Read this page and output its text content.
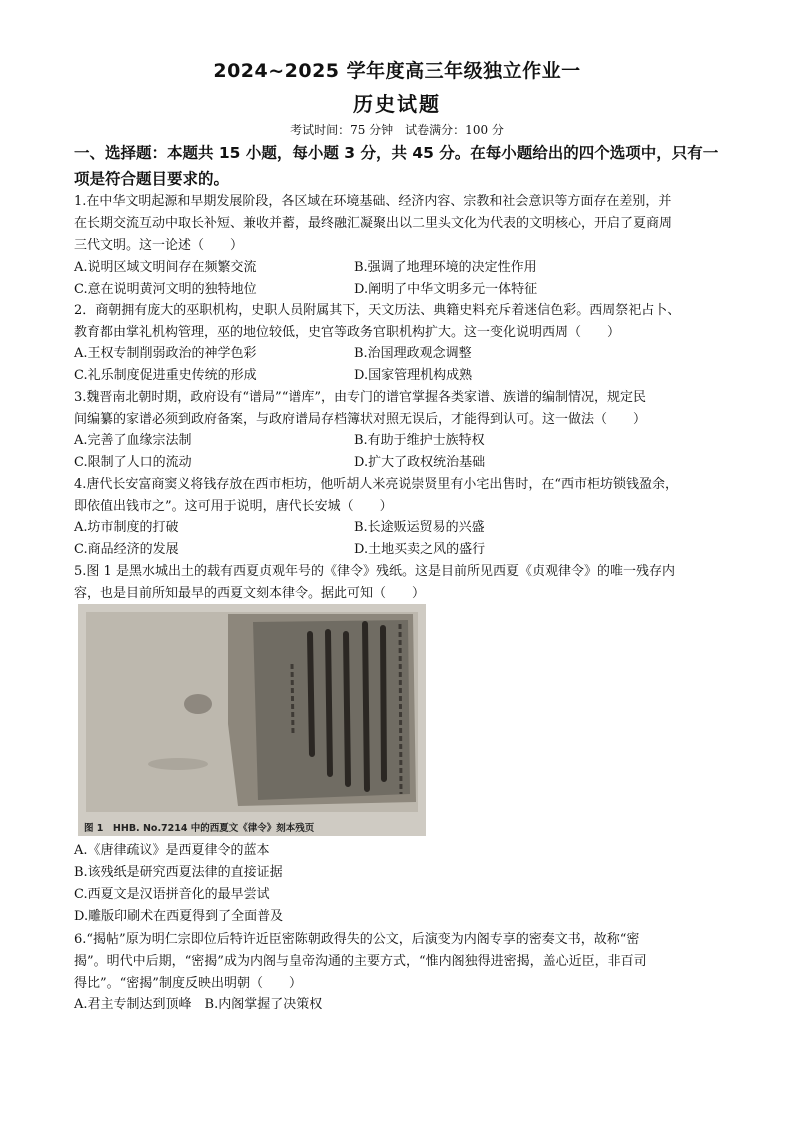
2024~2025 学年度高三年级独立作业一
历史试题
考试时间：75 分钟　试卷满分：100 分
一、选择题：本题共 15 小题，每小题 3 分，共 45 分。在每小题给出的四个选项中，只有一
项是符合题目要求的。
1.在中华文明起源和早期发展阶段，各区域在环境基础、经济内容、宗教和社会意识等方面存在差别，并
在长期交流互动中取长补短、兼收并蓄，最终融汇凝聚出以二里头文化为代表的文明核心，开启了夏商周
三代文明。这一论述（　　）
A.说明区域文明间存在频繁交流	B.强调了地理环境的决定性作用
C.意在说明黄河文明的独特地位	D.阐明了中华文明多元一体特征
2．商朝拥有庞大的巫职机构，史职人员附属其下，天文历法、典籍史料充斥着迷信色彩。西周祭祀占卜、
教育都由掌礼机构管理，巫的地位较低，史官等政务官职机构扩大。这一变化说明西周（　　）
A.王权专制削弱政治的神学色彩	B.治国理政观念调整
C.礼乐制度促进重史传统的形成	D.国家管理机构成熟
3.魏晋南北朝时期，政府设有“谱局”“谱库”，由专门的谱官掌握各类家谱、族谱的编制情况，规定民
间编纂的家谱必须到政府备案，与政府谱局存档簿状对照无误后，才能得到认可。这一做法（　　）
A.完善了血缘宗法制	B.有助于维护士族特权
C.限制了人口的流动	D.扩大了政权统治基础
4.唐代长安富商窦义将钱存放在西市柜坊，他听胡人米亮说崇贤里有小宅出售时，在“西市柜坊锁钱盈余，
即依值出钱市之”。这可用于说明，唐代长安城（　　）
A.坊市制度的打破	B.长途贩运贸易的兴盛
C.商品经济的发展	D.土地买卖之风的盛行
5.图 1 是黑水城出土的载有西夏贞观年号的《律令》残纸。这是目前所见西夏《贞观律令》的唯一残存内
容，也是目前所知最早的西夏文刻本律令。据此可知（　　）
图 1　HHB. No.7214 中的西夏文《律令》刻本残页
A.《唐律疏议》是西夏律令的蓝本
B.该残纸是研究西夏法律的直接证据
C.西夏文是汉语拼音化的最早尝试
D.雕版印刷术在西夏得到了全面普及
6.“揭帖”原为明仁宗即位后特许近臣密陈朝政得失的公文，后演变为内阁专享的密奏文书，故称“密
揭”。明代中后期，“密揭”成为内阁与皇帝沟通的主要方式，“惟内阁独得进密揭，盖心近臣，非百司
得比”。“密揭”制度反映出明朝（　　）
A.君主专制达到顶峰　B.内阁掌握了决策权
